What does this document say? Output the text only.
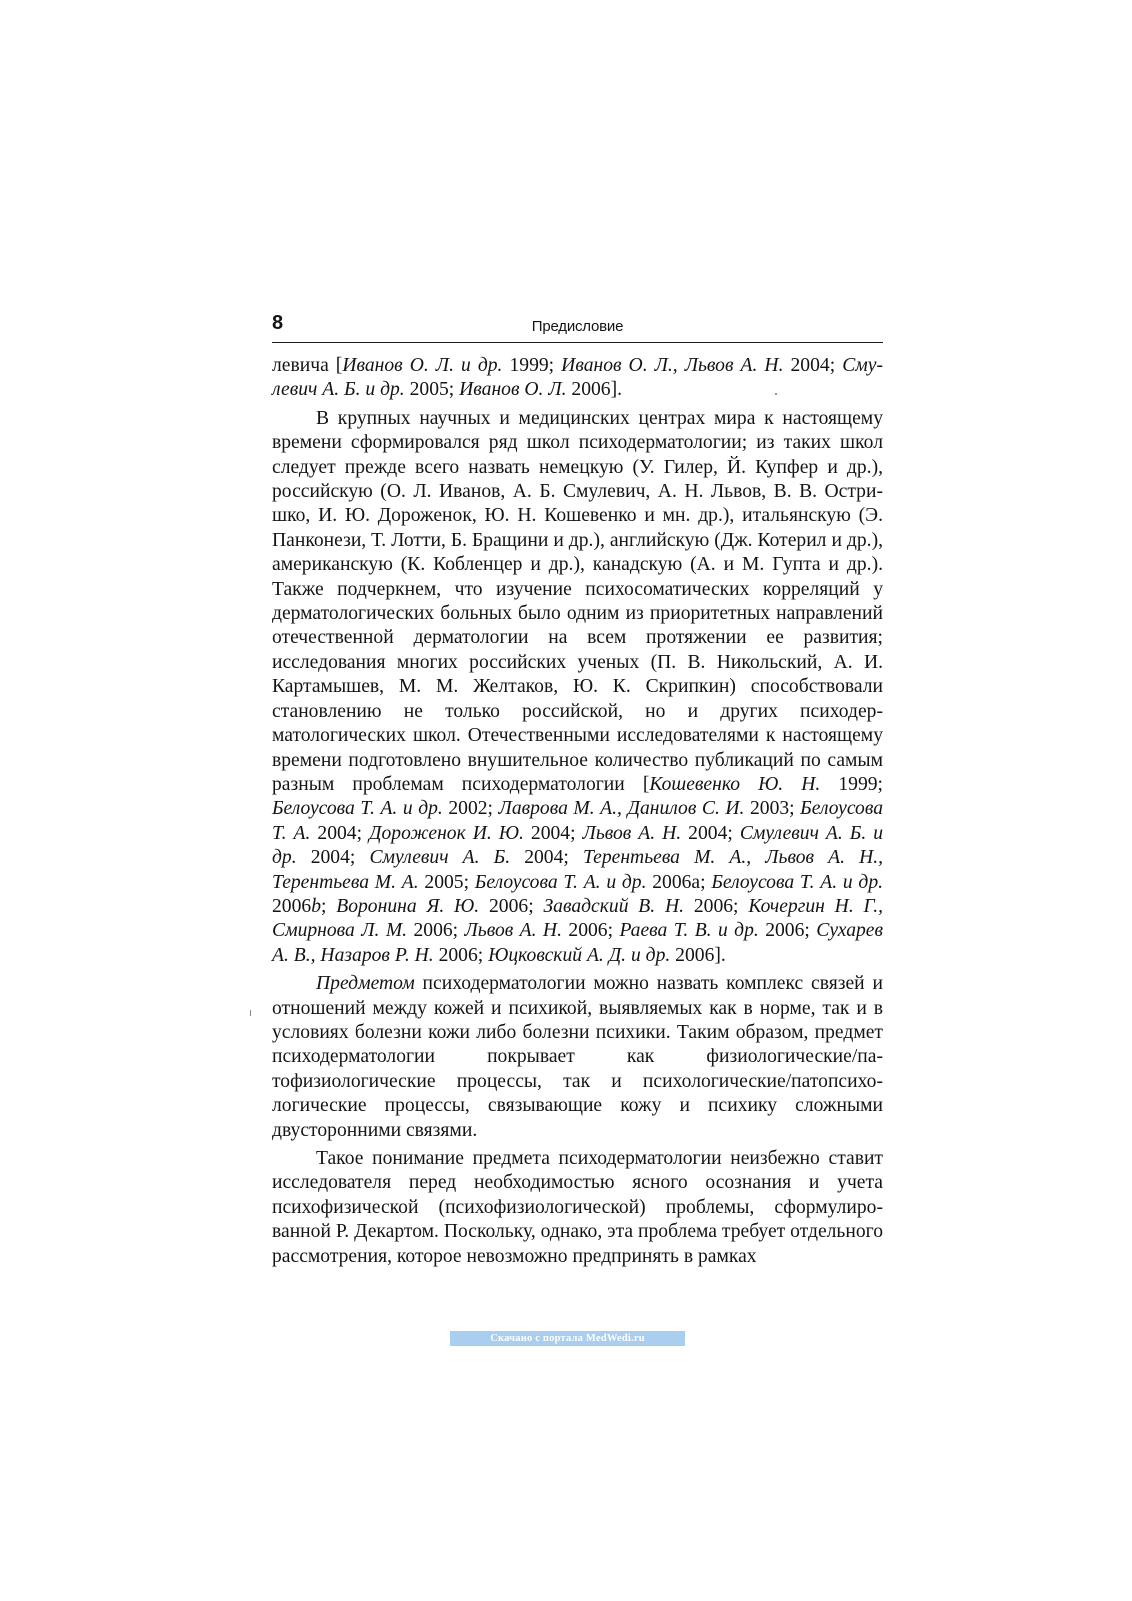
8	Предисловие

левича [Иванов О. Л. и др. 1999; Иванов О. Л., Львов А. Н. 2004; Смулевич А. Б. и др. 2005; Иванов О. Л. 2006].

В крупных научных и медицинских центрах мира к настоящему времени сформировался ряд школ психодерматологии; из таких школ следует прежде всего назвать немецкую (У. Гилер, Й. Купфер и др.), российскую (О. Л. Иванов, А. Б. Смулевич, А. Н. Львов, В. В. Остришко, И. Ю. Дороженок, Ю. Н. Кошевенко и мн. др.), итальянскую (Э. Панконези, Т. Лотти, Б. Бращини и др.), английскую (Дж. Котерил и др.), американскую (К. Кобленцер и др.), канадскую (А. и М. Гупта и др.). Также подчеркнем, что изучение психосоматических корреляций у дерматологических больных было одним из приоритетных направлений отечественной дерматологии на всем протяжении ее развития; исследования многих российских ученых (П. В. Никольский, А. И. Картамышев, М. М. Желтаков, Ю. К. Скрипкин) способствовали становлению не только российской, но и других психодерматологических школ. Отечественными исследователями к настоящему времени подготовлено внушительное количество публикаций по самым разным проблемам психодерматологии [Кошевенко Ю. Н. 1999; Белоусова Т. А. и др. 2002; Лаврова М. А., Данилов С. И. 2003; Белоусова Т. А. 2004; Дороженок И. Ю. 2004; Львов А. Н. 2004; Смулевич А. Б. и др. 2004; Смулевич А. Б. 2004; Терентьева М. А., Львов А. Н., Терентьева М. А. 2005; Белоусова Т. А. и др. 2006a; Белоусова Т. А. и др. 2006b; Воронина Я. Ю. 2006; Завадский В. Н. 2006; Кочергин Н. Г., Смирнова Л. М. 2006; Львов А. Н. 2006; Раева Т. В. и др. 2006; Сухарев А. В., Назаров Р. Н. 2006; Юцковский А. Д. и др. 2006].

Предметом психодерматологии можно назвать комплекс связей и отношений между кожей и психикой, выявляемых как в норме, так и в условиях болезни кожи либо болезни психики. Таким образом, предмет психодерматологии покрывает как физиологические/патофизиологические процессы, так и психологические/патопсихологические процессы, связывающие кожу и психику сложными двусторонними связями.

Такое понимание предмета психодерматологии неизбежно ставит исследователя перед необходимостью ясного осознания и учета психофизической (психофизиологической) проблемы, сформулированной Р. Декартом. Поскольку, однако, эта проблема требует отдельного рассмотрения, которое невозможно предпринять в рамках

Скачано с портала MedWedi.ru
